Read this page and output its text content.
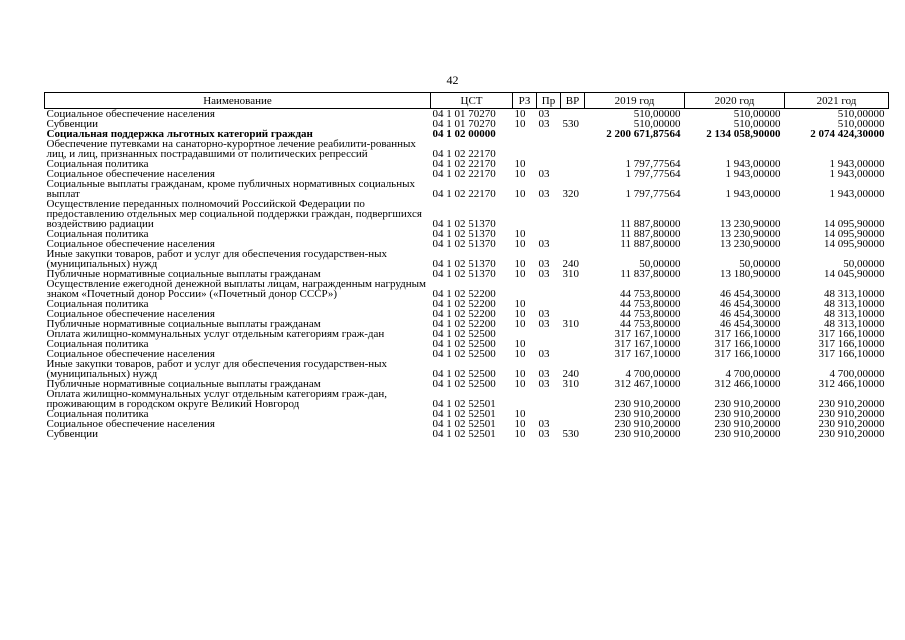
42
Наименование	ЦСТ	РЗ	Пр	ВР	2019 год	2020 год	2021 год
Социальное обеспечение населения	04 1 01 70270	10	03		510,00000	510,00000	510,00000
Субвенции	04 1 01 70270	10	03	530	510,00000	510,00000	510,00000
Социальная поддержка льготных категорий граждан	04 1 02 00000				2 200 671,87564	2 134 058,90000	2 074 424,30000
Обеспечение путевками на санаторно-курортное лечение реабилити-рованных лиц, и лиц, признанных пострадавшими от политических репрессий	04 1 02 22170						
Социальная политика	04 1 02 22170	10			1 797,77564	1 943,00000	1 943,00000
Социальное обеспечение населения	04 1 02 22170	10	03		1 797,77564	1 943,00000	1 943,00000
Социальные выплаты гражданам, кроме публичных нормативных социальных выплат	04 1 02 22170	10	03	320	1 797,77564	1 943,00000	1 943,00000
Осуществление переданных полномочий Российской Федерации по предоставлению отдельных мер социальной поддержки граждан, подвергшихся воздействию радиации	04 1 02 51370				11 887,80000	13 230,90000	14 095,90000
Социальная политика	04 1 02 51370	10			11 887,80000	13 230,90000	14 095,90000
Социальное обеспечение населения	04 1 02 51370	10	03		11 887,80000	13 230,90000	14 095,90000
Иные закупки товаров, работ и услуг для обеспечения государствен-ных (муниципальных) нужд	04 1 02 51370	10	03	240	50,00000	50,00000	50,00000
Публичные нормативные социальные выплаты гражданам	04 1 02 51370	10	03	310	11 837,80000	13 180,90000	14 045,90000
Осуществление ежегодной денежной выплаты лицам, награжденным нагрудным знаком «Почетный донор России» («Почетный донор СССР»)	04 1 02 52200				44 753,80000	46 454,30000	48 313,10000
Социальная политика	04 1 02 52200	10			44 753,80000	46 454,30000	48 313,10000
Социальное обеспечение населения	04 1 02 52200	10	03		44 753,80000	46 454,30000	48 313,10000
Публичные нормативные социальные выплаты гражданам	04 1 02 52200	10	03	310	44 753,80000	46 454,30000	48 313,10000
Оплата жилищно-коммунальных услуг отдельным категориям граж-дан	04 1 02 52500				317 167,10000	317 166,10000	317 166,10000
Социальная политика	04 1 02 52500	10			317 167,10000	317 166,10000	317 166,10000
Социальное обеспечение населения	04 1 02 52500	10	03		317 167,10000	317 166,10000	317 166,10000
Иные закупки товаров, работ и услуг для обеспечения государствен-ных (муниципальных) нужд	04 1 02 52500	10	03	240	4 700,00000	4 700,00000	4 700,00000
Публичные нормативные социальные выплаты гражданам	04 1 02 52500	10	03	310	312 467,10000	312 466,10000	312 466,10000
Оплата жилищно-коммунальных услуг отдельным категориям граж-дан, проживающим в городском округе Великий Новгород	04 1 02 52501				230 910,20000	230 910,20000	230 910,20000
Социальная политика	04 1 02 52501	10			230 910,20000	230 910,20000	230 910,20000
Социальное обеспечение населения	04 1 02 52501	10	03		230 910,20000	230 910,20000	230 910,20000
Субвенции	04 1 02 52501	10	03	530	230 910,20000	230 910,20000	230 910,20000
